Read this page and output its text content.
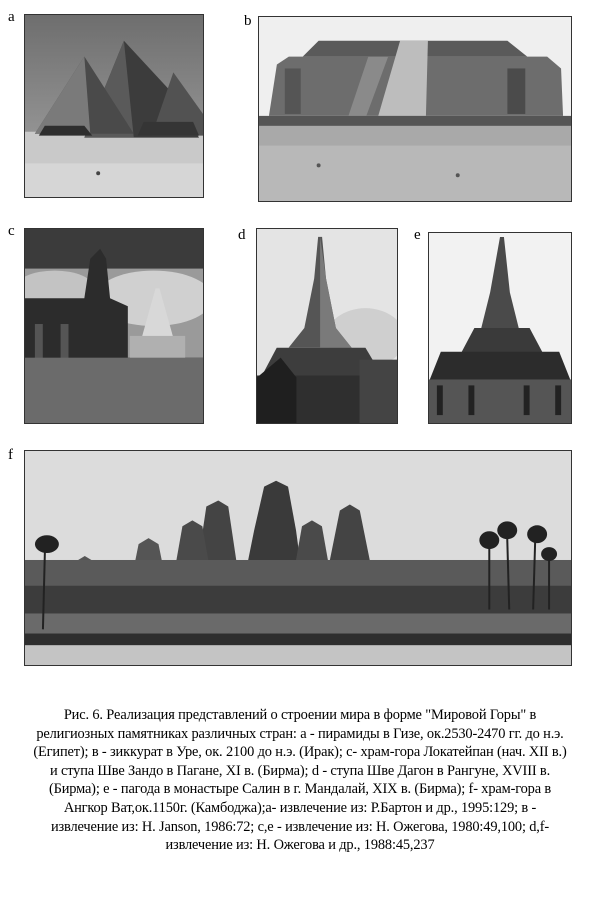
a	b
c	d	e
f
Рис. 6. Реализация представлений о строении мира в форме "Мировой Горы" в
религиозных памятниках различных стран: а - пирамиды в Гизе, ок.2530-2470 гг. до н.э.
(Египет); в - зиккурат в Уре, ок. 2100 до н.э. (Ирак); с- храм-гора Локатейпан (нач. XII в.)
и ступа Шве Зандо в Пагане, XI в. (Бирма); d - ступа Шве Дагон в Рангуне, XVIII в.
(Бирма); е - пагода в монастыре Салин в г. Мандалай, XIX в. (Бирма); f- храм-гора в
Ангкор Ват,ок.1150г. (Камбоджа);а- извлечение из: Р.Бартон и др., 1995:129; в -
извлечение из: H. Janson, 1986:72; с,е - извлечение из: Н. Ожегова, 1980:49,100; d,f-
извлечение из: Н. Ожегова и др., 1988:45,237
